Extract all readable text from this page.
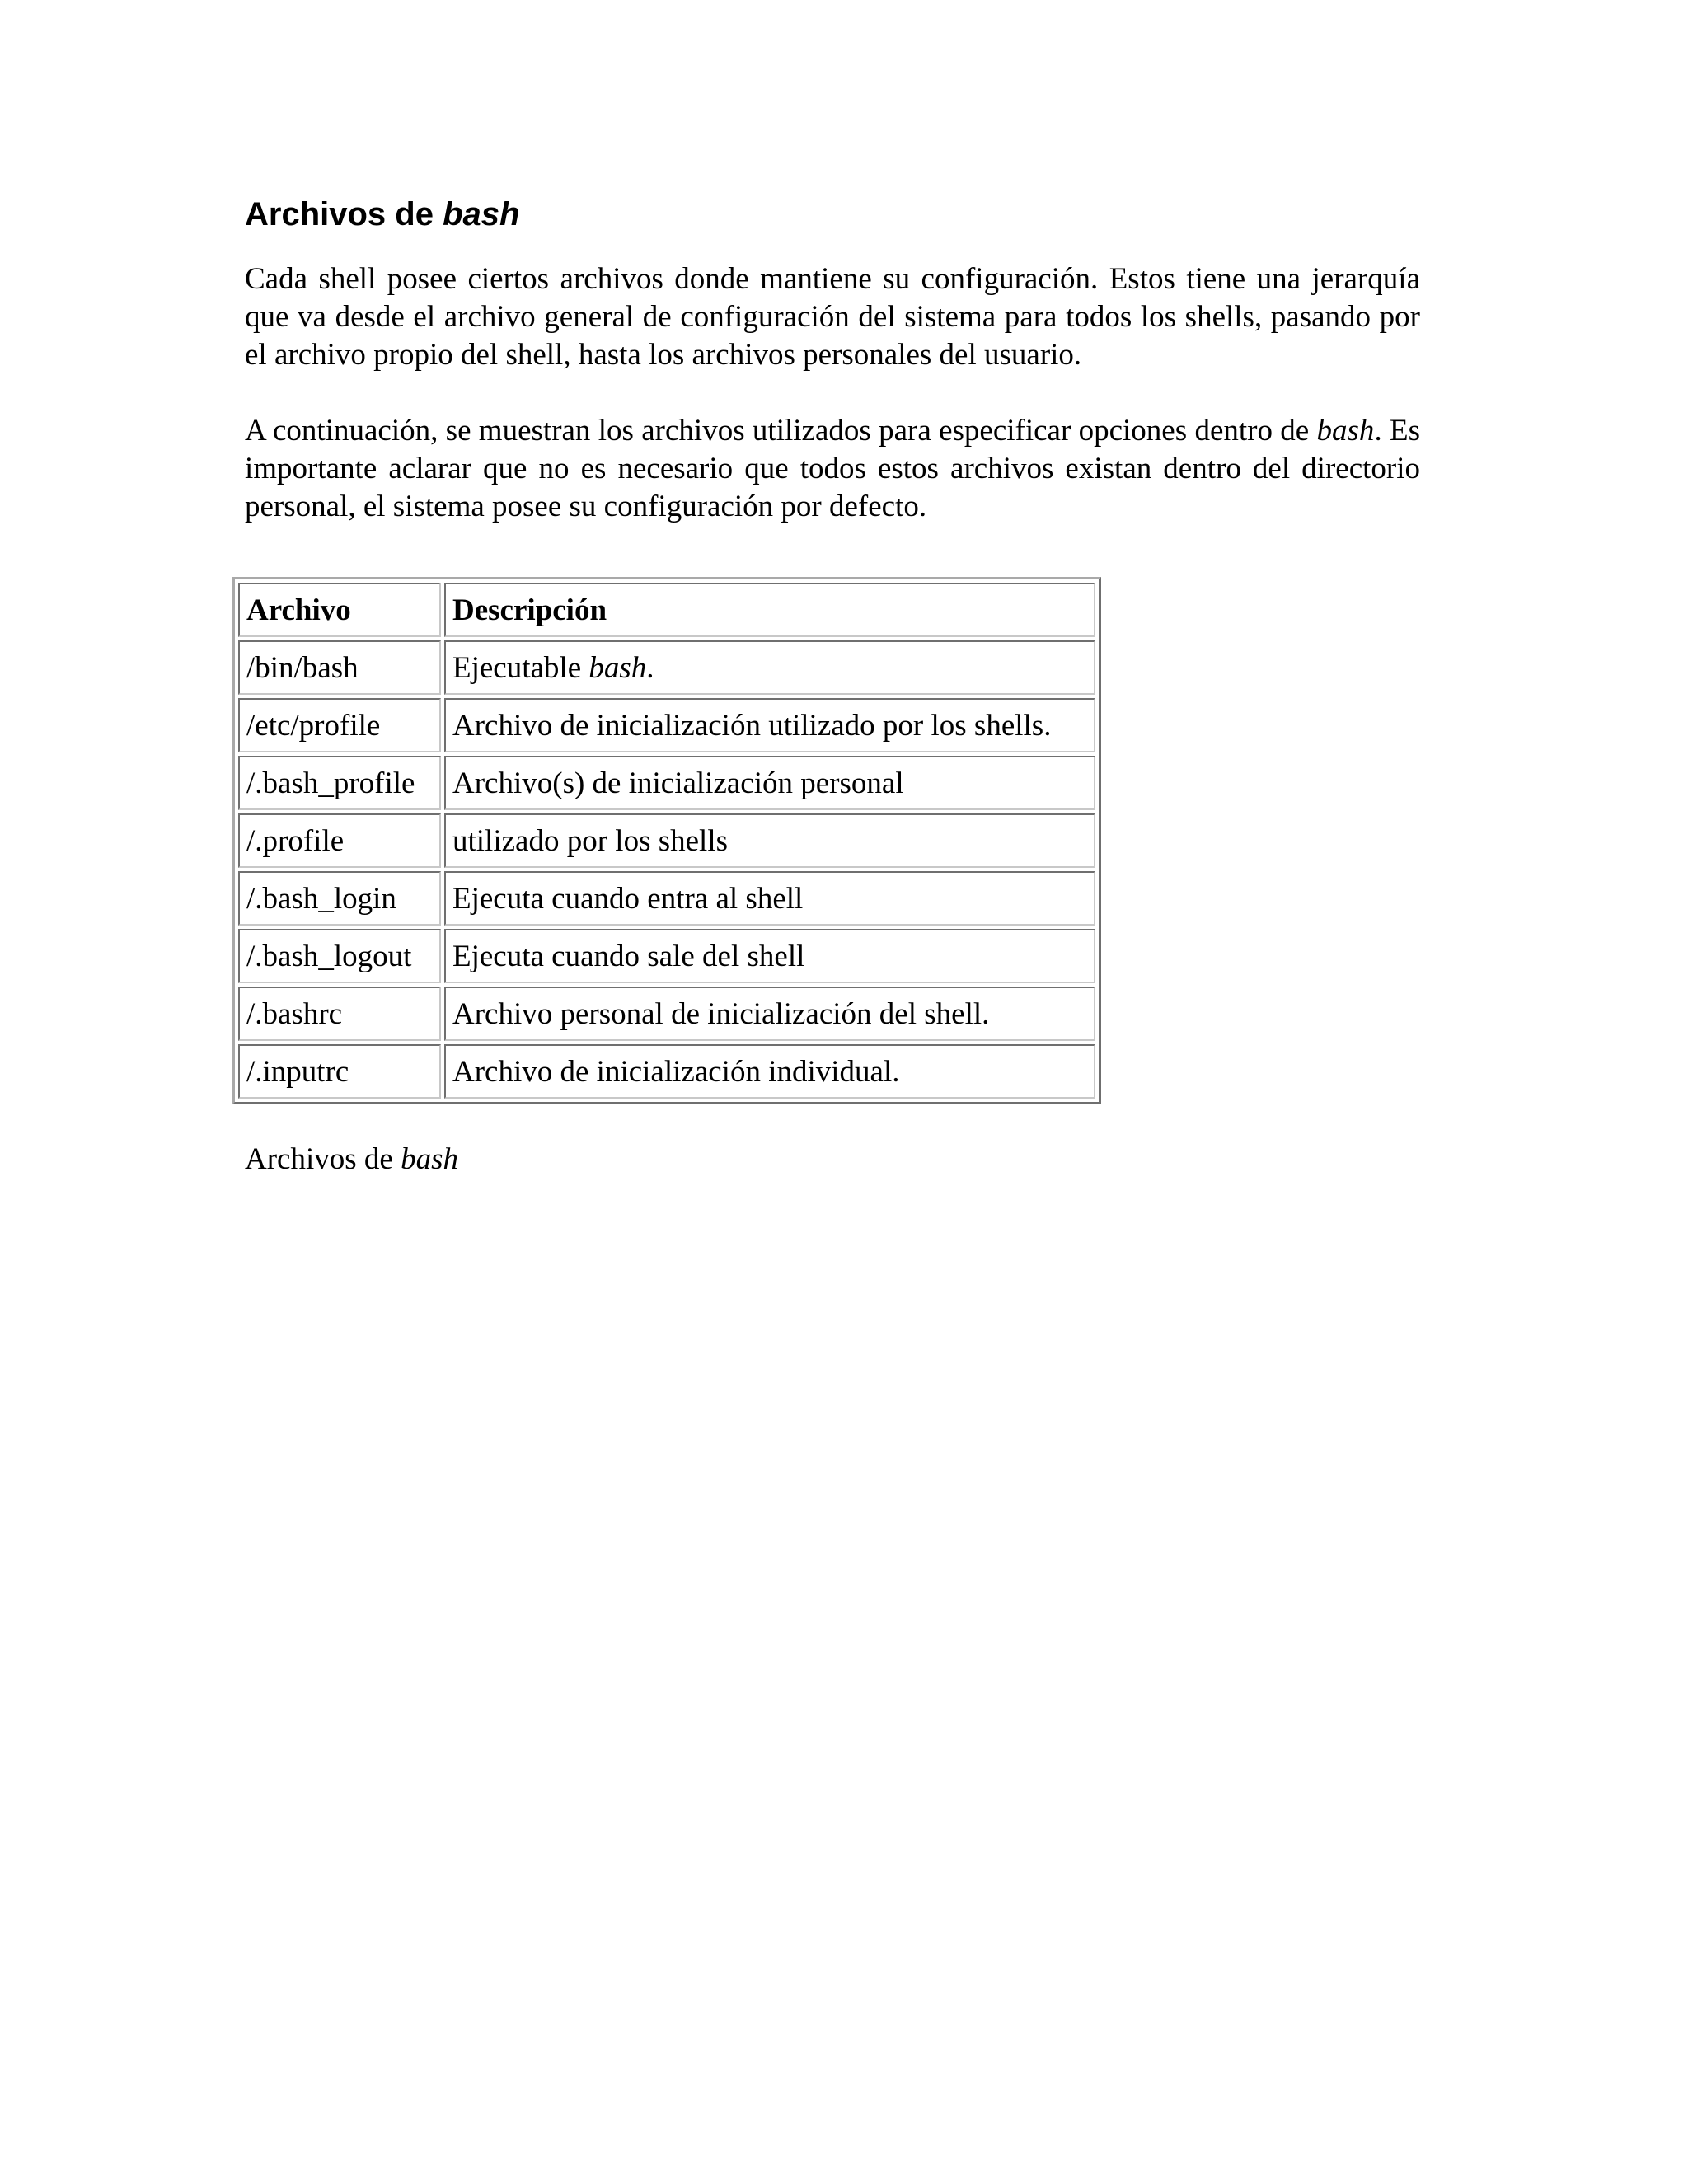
Archivos de bash

Cada shell posee ciertos archivos donde mantiene su configuración. Estos tiene una jerarquía que va desde el archivo general de configuración del sistema para todos los shells, pasando por el archivo propio del shell, hasta los archivos personales del usuario.

A continuación, se muestran los archivos utilizados para especificar opciones dentro de bash. Es importante aclarar que no es necesario que todos estos archivos existan dentro del directorio personal, el sistema posee su configuración por defecto.

Archivo	Descripción
/bin/bash	Ejecutable bash.
/etc/profile	Archivo de inicialización utilizado por los shells.
/.bash_profile	Archivo(s) de inicialización personal
/.profile	utilizado por los shells
/.bash_login	Ejecuta cuando entra al shell
/.bash_logout	Ejecuta cuando sale del shell
/.bashrc	Archivo personal de inicialización del shell.
/.inputrc	Archivo de inicialización individual.
Archivos de bash
